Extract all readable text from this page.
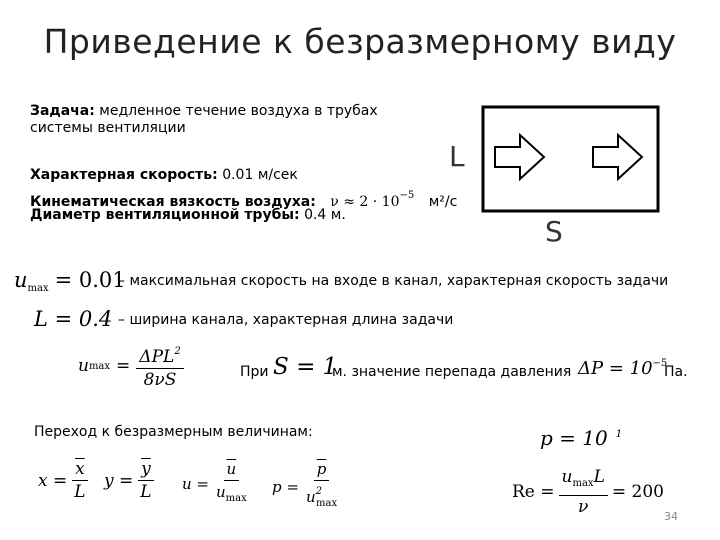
Приведение к безразмерному виду
Задача: медленное течение воздуха в трубах
системы вентиляции
Характерная скорость: 0.01 м/сек
Кинематическая вязкость воздуха: $\nu \approx 2 \cdot 10^{-5}$ м²/с
Диаметр вентиляционной трубы: 0.4 м.
L
S
$u_{max} = 0.01$
– максимальная скорость на входе в канал, характерная скорость задачи
L = 0.4 – ширина канала, характерная длина задачи
u $\max = \frac{\Delta PL^2}{8\nu S}$	При S = 1
м. значение перепада давления $\Delta P = 10^{-5}$
Па.
Переход к безразмерным величинам:	p = 10 $^1$
$x = \frac{\overline{x}}{L}$ $y = \frac{\overline{y}}{L}$ $u = \frac{\overline{u}}{u_{max}}$ $p = \frac{\overline{p}}{u^2_{max}}$	$Re = \frac{u_{max}L}{\nu} = 200$
34
